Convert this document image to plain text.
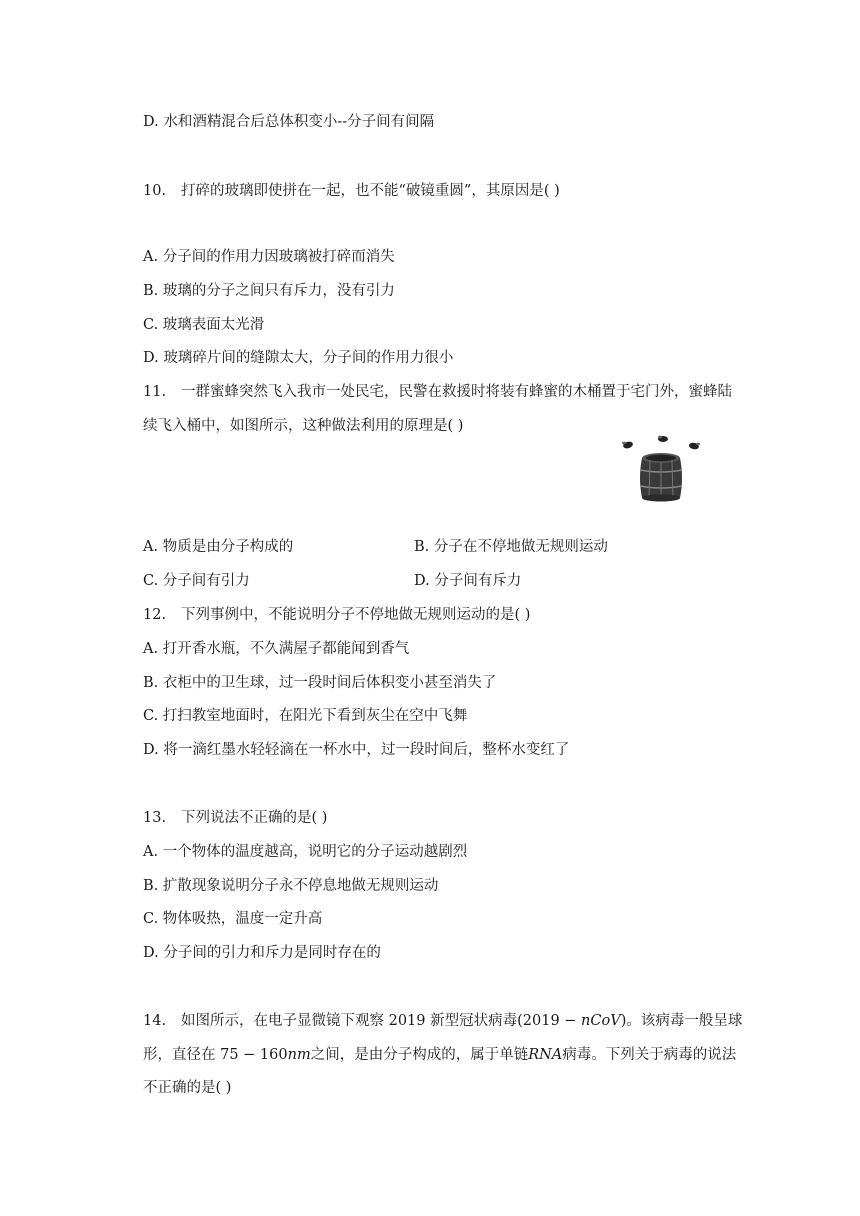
D. 水和酒精混合后总体积变小--分子间有间隔
10. 打碎的玻璃即使拼在一起，也不能“破镜重圆”，其原因是( )
A. 分子间的作用力因玻璃被打碎而消失
B. 玻璃的分子之间只有斥力，没有引力
C. 玻璃表面太光滑
D. 玻璃碎片间的缝隙太大，分子间的作用力很小
11. 一群蜜蜂突然飞入我市一处民宅，民警在救援时将装有蜂蜜的木桶置于宅门外，蜜蜂陆
续飞入桶中，如图所示，这种做法利用的原理是( )
A. 物质是由分子构成的	B. 分子在不停地做无规则运动
C. 分子间有引力	D. 分子间有斥力
12. 下列事例中，不能说明分子不停地做无规则运动的是( )
A. 打开香水瓶，不久满屋子都能闻到香气
B. 衣柜中的卫生球，过一段时间后体积变小甚至消失了
C. 打扫教室地面时，在阳光下看到灰尘在空中飞舞
D. 将一滴红墨水轻轻滴在一杯水中，过一段时间后，整杯水变红了
13. 下列说法不正确的是( )
A. 一个物体的温度越高，说明它的分子运动越剧烈
B. 扩散现象说明分子永不停息地做无规则运动
C. 物体吸热，温度一定升高
D. 分子间的引力和斥力是同时存在的
14. 如图所示，在电子显微镜下观察 2019 新型冠状病毒(2019 − nCoV)。该病毒一般呈球
形，直径在 75 − 160nm之间，是由分子构成的，属于单链RNA病毒。下列关于病毒的说法
不正确的是( )
